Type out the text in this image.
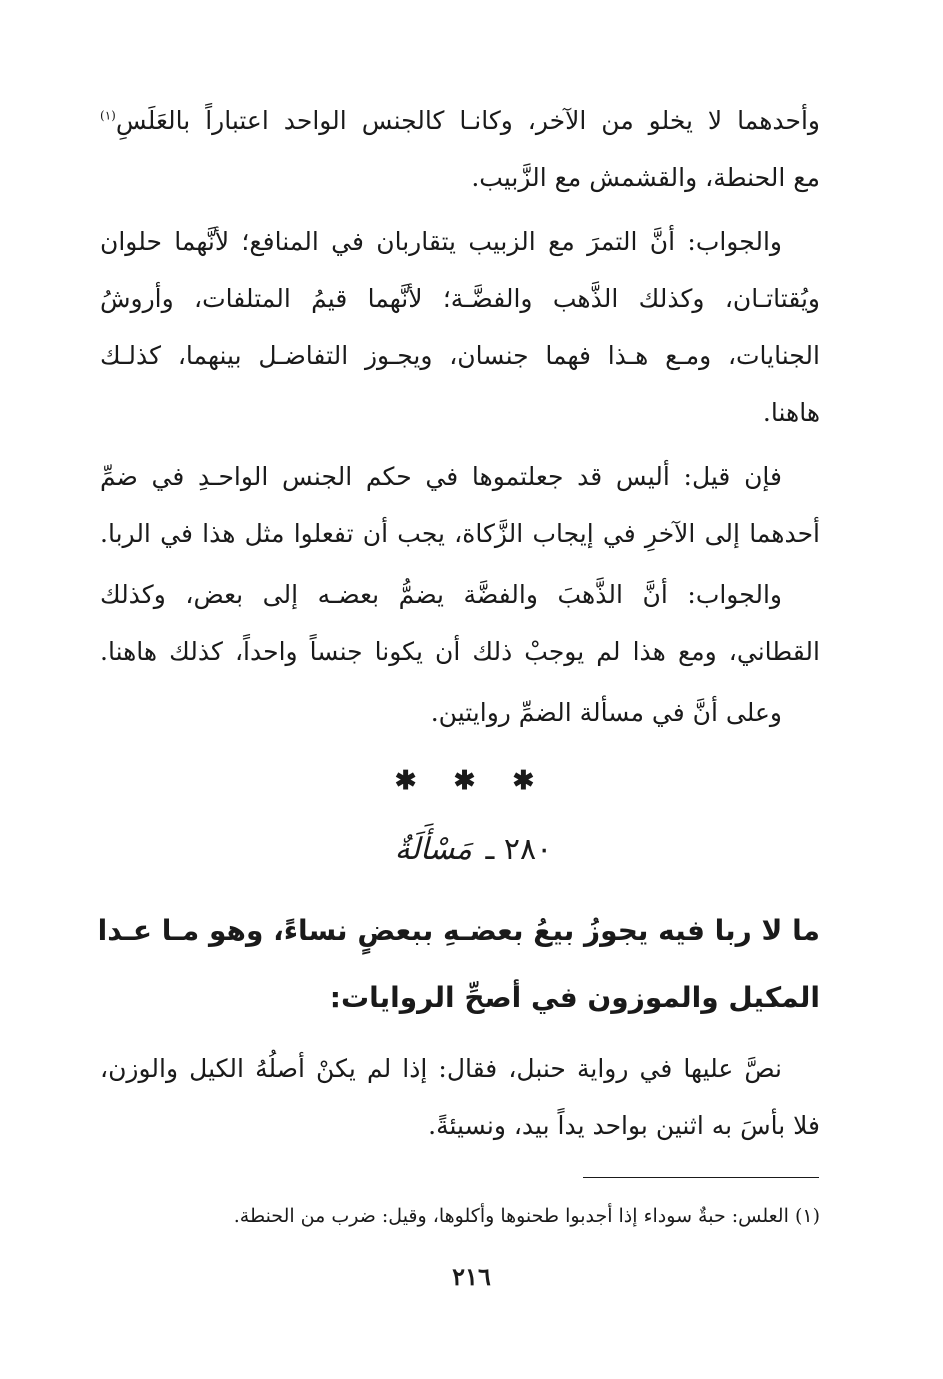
وأحدهما لا يخلو من الآخر، وكانـا كالجنس الواحد اعتباراً بالعَلَسِ$^{(١)}$
مع الحنطة، والقشمش مع الزَّبيب.
والجواب: أنَّ التمرَ مع الزبيب يتقاربان في المنافع؛ لأنَّهما حلوان
ويُقتاتـان، وكذلك الذَّهب والفضَّـة؛ لأنَّهما قيمُ المتلفات، وأروشُ
الجنايات، ومـع هـذا فهما جنسان، ويجـوز التفاضـل بينهما، كذلـك
هاهنا.
فإن قيل: أليس قد جعلتموها في حكم الجنس الواحـدِ في ضمِّ
أحدهما إلى الآخرِ في إيجاب الزَّكاة، يجب أن تفعلوا مثل هذا في الربا.
والجواب: أنَّ الذَّهبَ والفضَّة يضمُّ بعضـه إلى بعض، وكذلك
القطاني، ومع هذا لم يوجبْ ذلك أن يكونا جنساً واحداً، كذلك هاهنا.
وعلى أنَّ في مسألة الضمِّ روايتين.
✱ ✱ ✱
٢٨٠ ـ مَسْأَلَةٌ
ما لا ربا فيه يجوزُ بيعُ بعضـهِ ببعضٍ نساءً، وهو مـا عـدا
المكيل والموزون في أصحِّ الروايات:
نصَّ عليها في رواية حنبل، فقال: إذا لم يكنْ أصلُهُ الكيل والوزن،
فلا بأسَ به اثنين بواحد يداً بيد، ونسيئةً.
(١) العلس: حبةٌ سوداء إذا أجدبوا طحنوها وأكلوها، وقيل: ضرب من الحنطة.
٢١٦
